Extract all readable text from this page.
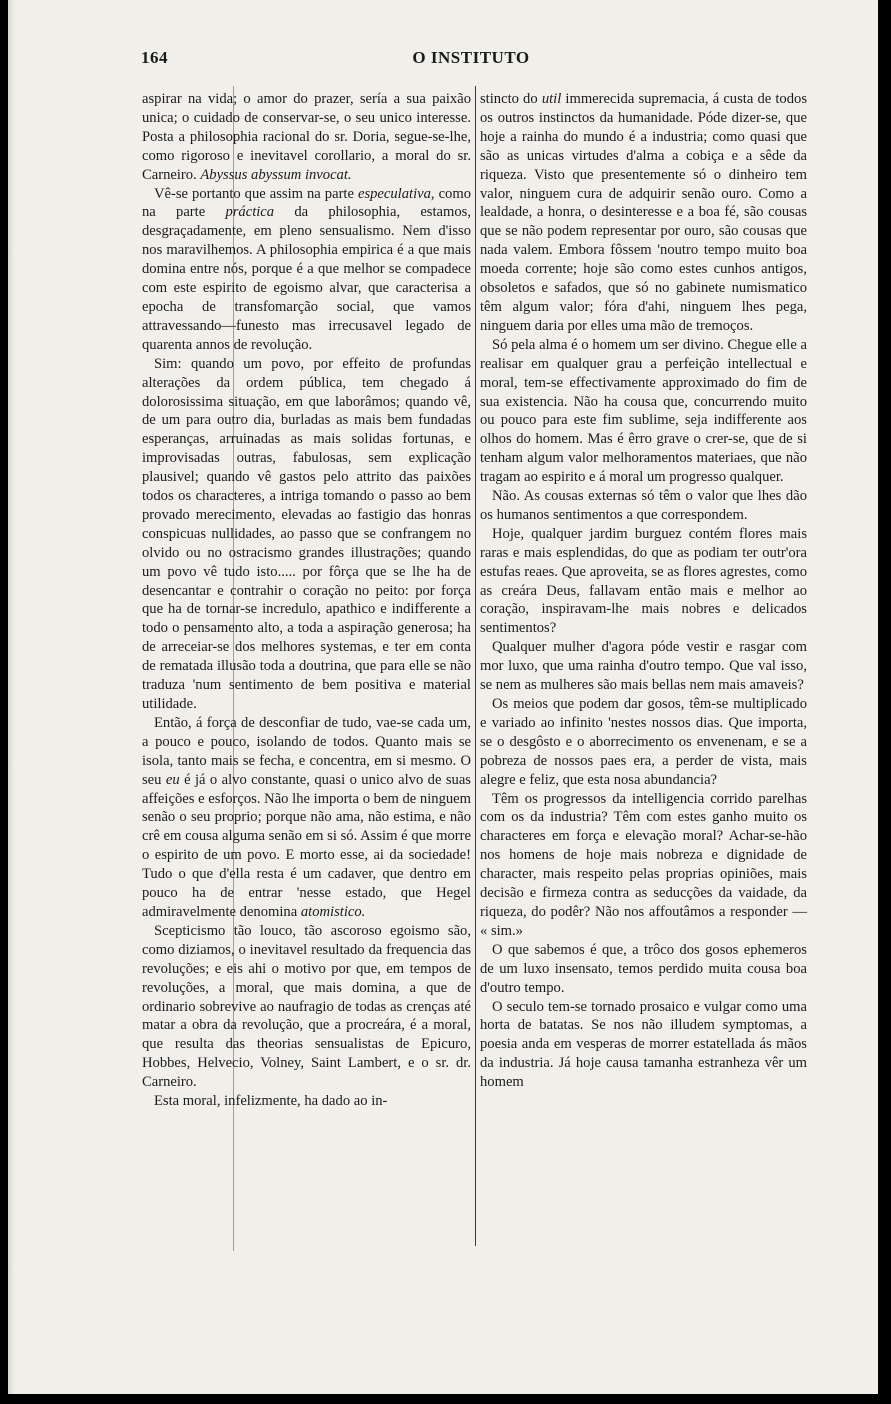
164	O INSTITUTO

aspirar na vida; o amor do prazer, sería a sua paixão unica; o cuidado de conservar-se, o seu unico interesse. Posta a philosophia racional do sr. Doria, segue-se-lhe, como rigoroso e inevitavel corollario, a moral do sr. Carneiro. Abyssus abyssum invocat.

Vê-se portanto que assim na parte especulativa, como na parte práctica da philosophia, estamos, desgraçadamente, em pleno sensualismo. Nem d'isso nos maravilhemos. A philosophia empirica é a que mais domina entre nós, porque é a que melhor se compadece com este espirito de egoismo alvar, que caracterisa a epocha de transfomarção social, que vamos attravessando—funesto mas irrecusavel legado de quarenta annos de revolução.

Sim: quando um povo, por effeito de profundas alterações da ordem pública, tem chegado á dolorosissima situação, em que laborâmos; quando vê, de um para outro dia, burladas as mais bem fundadas esperanças, arruinadas as mais solidas fortunas, e improvisadas outras, fabulosas, sem explicação plausivel; quando vê gastos pelo attrito das paixões todos os characteres, a intriga tomando o passo ao bem provado merecimento, elevadas ao fastigio das honras conspicuas nullidades, ao passo que se confrangem no olvido ou no ostracismo grandes illustrações; quando um povo vê tudo isto..... por fôrça que se lhe ha de desencantar e contrahir o coração no peito: por força que ha de tornar-se incredulo, apathico e indifferente a todo o pensamento alto, a toda a aspiração generosa; ha de arreceiar-se dos melhores systemas, e ter em conta de rematada illusão toda a doutrina, que para elle se não traduza 'num sentimento de bem positiva e material utilidade.

Então, á força de desconfiar de tudo, vae-se cada um, a pouco e pouco, isolando de todos. Quanto mais se isola, tanto mais se fecha, e concentra, em si mesmo. O seu eu é já o alvo constante, quasi o unico alvo de suas affeições e esforços. Não lhe importa o bem de ninguem senão o seu proprio; porque não ama, não estima, e não crê em cousa alguma senão em si só. Assim é que morre o espirito de um povo. E morto esse, ai da sociedade! Tudo o que d'ella resta é um cadaver, que dentro em pouco ha de entrar 'nesse estado, que Hegel admiravelmente denomina atomistico.

Scepticismo tão louco, tão ascoroso egoismo são, como diziamos, o inevitavel resultado da frequencia das revoluções; e eis ahi o motivo por que, em tempos de revoluções, a moral, que mais domina, a que de ordinario sobrevive ao naufragio de todas as crenças até matar a obra da revolução, que a procreára, é a moral, que resulta das theorias sensualistas de Epicuro, Hobbes, Helvecio, Volney, Saint Lambert, e o sr. dr. Carneiro.

Esta moral, infelizmente, ha dado ao in-

stincto do util immerecida supremacia, á custa de todos os outros instinctos da humanidade. Póde dizer-se, que hoje a rainha do mundo é a industria; como quasi que são as unicas virtudes d'alma a cobiça e a sêde da riqueza. Visto que presentemente só o dinheiro tem valor, ninguem cura de adquirir senão ouro. Como a lealdade, a honra, o desinteresse e a boa fé, são cousas que se não podem representar por ouro, são cousas que nada valem. Embora fôssem 'noutro tempo muito boa moeda corrente; hoje são como estes cunhos antigos, obsoletos e safados, que só no gabinete numismatico têm algum valor; fóra d'ahi, ninguem lhes pega, ninguem daria por elles uma mão de tremoços.

Só pela alma é o homem um ser divino. Chegue elle a realisar em qualquer grau a perfeição intellectual e moral, tem-se effectivamente approximado do fim de sua existencia. Não ha cousa que, concurrendo muito ou pouco para este fim sublime, seja indifferente aos olhos do homem. Mas é êrro grave o crer-se, que de si tenham algum valor melhoramentos materiaes, que não tragam ao espirito e á moral um progresso qualquer.

Não. As cousas externas só têm o valor que lhes dão os humanos sentimentos a que correspondem.

Hoje, qualquer jardim burguez contém flores mais raras e mais esplendidas, do que as podiam ter outr'ora estufas reaes. Que aproveita, se as flores agrestes, como as creára Deus, fallavam então mais e melhor ao coração, inspiravam-lhe mais nobres e delicados sentimentos?

Qualquer mulher d'agora póde vestir e rasgar com mor luxo, que uma rainha d'outro tempo. Que val isso, se nem as mulheres são mais bellas nem mais amaveis?

Os meios que podem dar gosos, têm-se multiplicado e variado ao infinito 'nestes nossos dias. Que importa, se o desgôsto e o aborrecimento os envenenam, e se a pobreza de nossos paes era, a perder de vista, mais alegre e feliz, que esta nosa abundancia?

Têm os progressos da intelligencia corrido parelhas com os da industria? Têm com estes ganho muito os characteres em força e elevação moral? Achar-se-hão nos homens de hoje mais nobreza e dignidade de character, mais respeito pelas proprias opiniões, mais decisão e firmeza contra as seducções da vaidade, da riqueza, do podêr? Não nos affoutâmos a responder — « sim.»

O que sabemos é que, a trôco dos gosos ephemeros de um luxo insensato, temos perdido muita cousa boa d'outro tempo.

O seculo tem-se tornado prosaico e vulgar como uma horta de batatas. Se nos não illudem symptomas, a poesia anda em vesperas de morrer estatellada ás mãos da industria. Já hoje causa tamanha estranheza vêr um homem
